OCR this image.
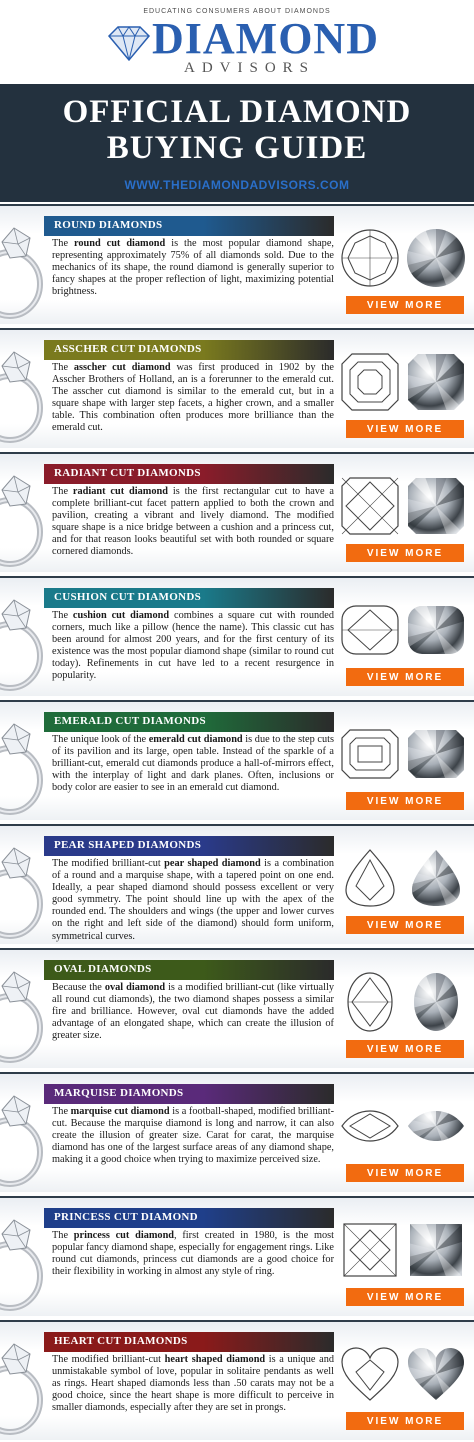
EDUCATING CONSUMERS ABOUT DIAMONDS
DIAMOND
ADVISORS
OFFICIAL DIAMOND
BUYING GUIDE
WWW.THEDIAMONDADVISORS.COM
ROUND DIAMONDS

The round cut diamond is the most popular diamond shape, representing approximately 75% of all diamonds sold. Due to the mechanics of its shape, the round diamond is generally superior to fancy shapes at the proper reflection of light, maximizing potential brightness.

VIEW MORE
ASSCHER CUT DIAMONDS

The asscher cut diamond was first produced in 1902 by the Asscher Brothers of Holland, an is a forerunner to the emerald cut. The asscher cut diamond is similar to the emerald cut, but in a square shape with larger step facets, a higher crown, and a smaller table. This combination often produces more brilliance than the emerald cut.	VIEW MORE
RADIANT CUT DIAMONDS

The radiant cut diamond is the first rectangular cut to have a complete brilliant-cut facet pattern applied to both the crown and pavilion, creating a vibrant and lively diamond. The modified square shape is a nice bridge between a cushion and a princess cut, and for that reason looks beautiful set with both rounded or square cornered diamonds.	VIEW MORE
CUSHION CUT DIAMONDS

The cushion cut diamond combines a square cut with rounded corners, much like a pillow (hence the name). This classic cut has been around for almost 200 years, and for the first century of its existence was the most popular diamond shape (similar to round cut today). Refinements in cut have led to a recent resurgence in popularity.	VIEW MORE
EMERALD CUT DIAMONDS

The unique look of the emerald cut diamond is due to the step cuts of its pavilion and its large, open table. Instead of the sparkle of a brilliant-cut, emerald cut diamonds produce a hall-of-mirrors effect, with the interplay of light and dark planes. Often, inclusions or body color are easier to see in an emerald cut diamond.

VIEW MORE
PEAR SHAPED DIAMONDS

The modified brilliant-cut pear shaped diamond is a combination of a round and a marquise shape, with a tapered point on one end. Ideally, a pear shaped diamond should possess excellent or very good symmetry. The point should line up with the apex of the rounded end. The shoulders and wings (the upper and lower curves on the right and left side of the diamond) should form uniform, symmetrical curves.

VIEW MORE
OVAL DIAMONDS

Because the oval diamond is a modified brilliant-cut (like virtually all round cut diamonds), the two diamond shapes possess a similar fire and brilliance. However, oval cut diamonds have the added advantage of an elongated shape, which can create the illusion of greater size.

VIEW MORE
MARQUISE DIAMONDS

The marquise cut diamond is a football-shaped, modified brilliant-cut. Because the marquise diamond is long and narrow, it can also create the illusion of greater size. Carat for carat, the marquise diamond has one of the largest surface areas of any diamond shape, making it a good choice when trying to maximize perceived size.

VIEW MORE
PRINCESS CUT DIAMOND

The princess cut diamond, first created in 1980, is the most popular fancy diamond shape, especially for engagement rings. Like round cut diamonds, princess cut diamonds are a good choice for their flexibility in working in almost any style of ring.

VIEW MORE
HEART CUT DIAMONDS

The modified brilliant-cut heart shaped diamond is a unique and unmistakable symbol of love, popular in solitaire pendants as well as rings. Heart shaped diamonds less than .50 carats may not be a good choice, since the heart shape is more difficult to perceive in smaller diamonds, especially after they are set in prongs.

VIEW MORE
